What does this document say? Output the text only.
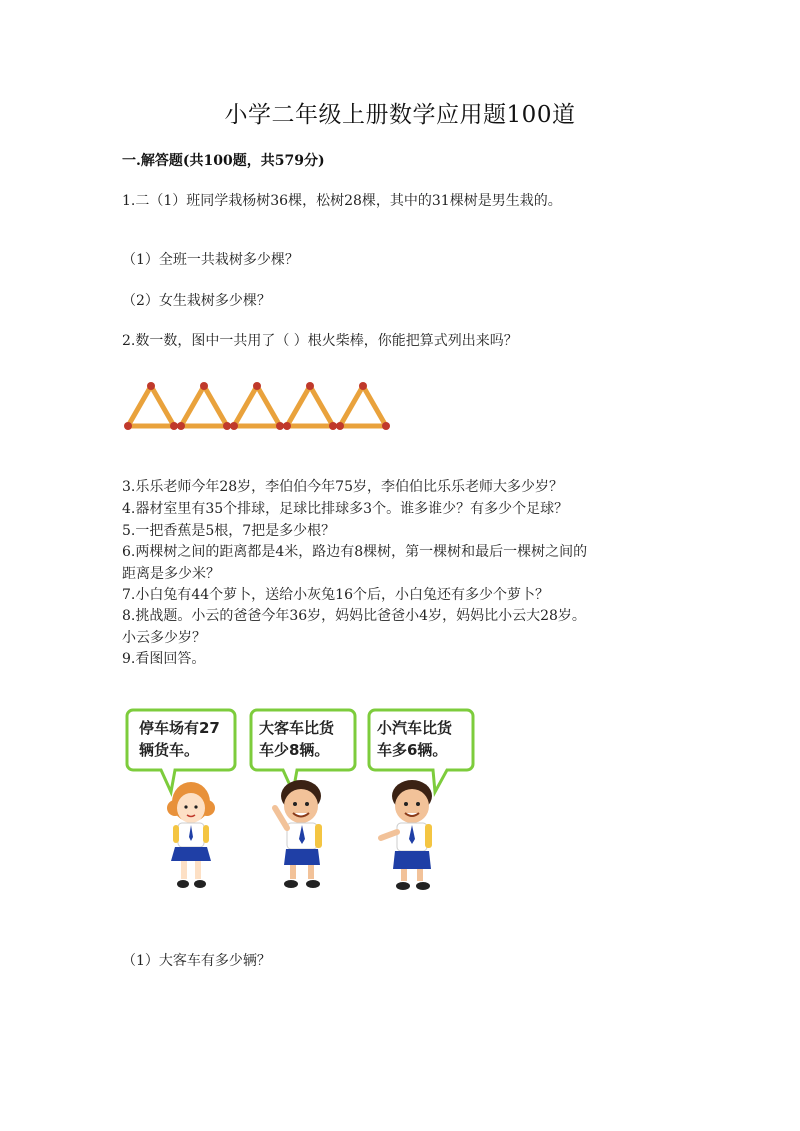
小学二年级上册数学应用题100道
一.解答题(共100题，共579分)
1.二（1）班同学栽杨树36棵，松树28棵，其中的31棵树是男生栽的。
（1）全班一共栽树多少棵？
（2）女生栽树多少棵？
2.数一数，图中一共用了（ ）根火柴棒，你能把算式列出来吗？
3.乐乐老师今年28岁，李伯伯今年75岁，李伯伯比乐乐老师大多少岁？
4.器材室里有35个排球，足球比排球多3个。谁多谁少？有多少个足球？
5.一把香蕉是5根，7把是多少根？
6.两棵树之间的距离都是4米，路边有8棵树，第一棵树和最后一棵树之间的
距离是多少米？
7.小白兔有44个萝卜，送给小灰兔16个后，小白兔还有多少个萝卜？
8.挑战题。小云的爸爸今年36岁，妈妈比爸爸小4岁，妈妈比小云大28岁。
小云多少岁？
9.看图回答。
停车场有27
辆货车。
大客车比货
车少8辆。
小汽车比货
车多6辆。
（1）大客车有多少辆？
